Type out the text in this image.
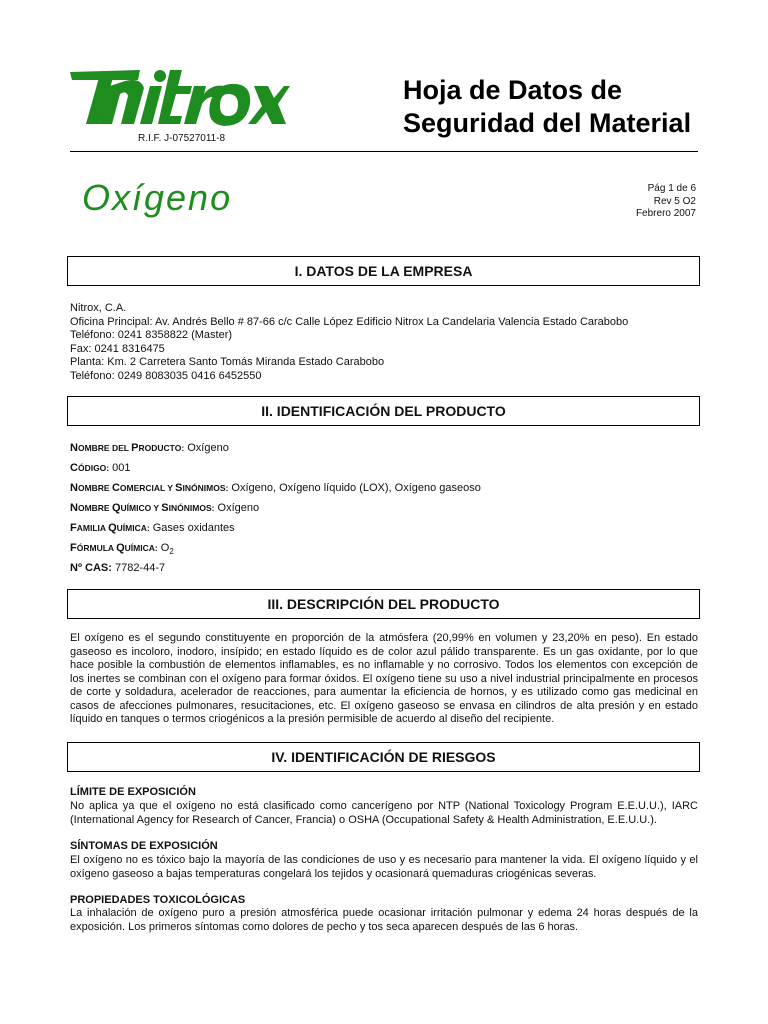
R.I.F. J-07527011-8
Hoja de Datos de
Seguridad del Material
Oxígeno	Pág 1 de 6
Rev 5 O2
Febrero 2007
I. DATOS DE LA EMPRESA
Nitrox, C.A.
Oficina Principal: Av. Andrés Bello # 87-66 c/c Calle López Edificio Nitrox La Candelaria Valencia Estado Carabobo
Teléfono: 0241 8358822 (Master)
Fax: 0241 8316475
Planta: Km. 2 Carretera Santo Tomás Miranda Estado Carabobo
Teléfono: 0249 8083035 0416 6452550
II. IDENTIFICACIÓN DEL PRODUCTO
NOMBRE DEL PRODUCTO: Oxígeno
CÓDIGO: 001
NOMBRE COMERCIAL Y SINÓNIMOS: Oxígeno, Oxígeno líquido (LOX), Oxígeno gaseoso
NOMBRE QUÍMICO Y SINÓNIMOS: Oxígeno
FAMILIA QUÍMICA: Gases oxidantes
FÓRMULA QUÍMICA: $O_2$
Nº CAS: 7782-44-7
III. DESCRIPCIÓN DEL PRODUCTO
El oxígeno es el segundo constituyente en proporción de la atmósfera (20,99% en volumen y 23,20% en peso). En estado gaseoso es incoloro, inodoro, insípido; en estado líquido es de color azul pálido transparente. Es un gas oxidante, por lo que hace posible la combustión de elementos inflamables, es no inflamable y no corrosivo. Todos los elementos con excepción de los inertes se combinan con el oxígeno para formar óxidos. El oxígeno tiene su uso a nivel industrial principalmente en procesos de corte y soldadura, acelerador de reacciones, para aumentar la eficiencia de hornos, y es utilizado como gas medicinal en casos de afecciones pulmonares, resucitaciones, etc. El oxígeno gaseoso se envasa en cilindros de alta presión y en estado líquido en tanques o termos criogénicos a la presión permisible de acuerdo al diseño del recipiente.
IV. IDENTIFICACIÓN DE RIESGOS
LÍMITE DE EXPOSICIÓN
No aplica ya que el oxígeno no está clasificado como cancerígeno por NTP (National Toxicology Program E.E.U.U.), IARC (International Agency for Research of Cancer, Francia) o OSHA (Occupational Safety & Health Administration, E.E.U.U.).
SÍNTOMAS DE EXPOSICIÓN
El oxígeno no es tóxico bajo la mayoría de las condiciones de uso y es necesario para mantener la vida. El oxígeno líquido y el oxígeno gaseoso a bajas temperaturas congelará los tejidos y ocasionará quemaduras criogénicas severas.
PROPIEDADES TOXICOLÓGICAS
La inhalación de oxígeno puro a presión atmosférica puede ocasionar irritación pulmonar y edema 24 horas después de la exposición. Los primeros síntomas como dolores de pecho y tos seca aparecen después de las 6 horas.
